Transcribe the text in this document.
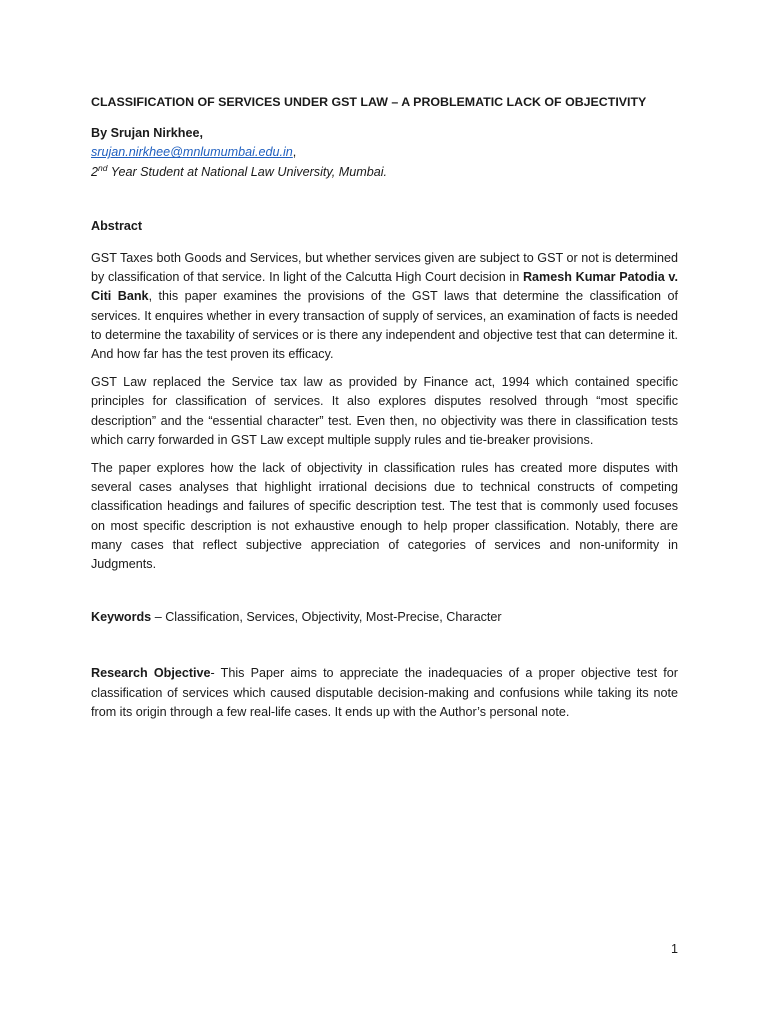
CLASSIFICATION OF SERVICES UNDER GST LAW – A PROBLEMATIC LACK OF OBJECTIVITY

By Srujan Nirkhee,

srujan.nirkhee@mnlumumbai.edu.in,

2nd Year Student at National Law University, Mumbai.

Abstract

GST Taxes both Goods and Services, but whether services given are subject to GST or not is determined by classification of that service. In light of the Calcutta High Court decision in Ramesh Kumar Patodia v. Citi Bank, this paper examines the provisions of the GST laws that determine the classification of services. It enquires whether in every transaction of supply of services, an examination of facts is needed to determine the taxability of services or is there any independent and objective test that can determine it. And how far has the test proven its efficacy.

GST Law replaced the Service tax law as provided by Finance act, 1994 which contained specific principles for classification of services. It also explores disputes resolved through “most specific description” and the “essential character” test. Even then, no objectivity was there in classification tests which carry forwarded in GST Law except multiple supply rules and tie-breaker provisions.

The paper explores how the lack of objectivity in classification rules has created more disputes with several cases analyses that highlight irrational decisions due to technical constructs of competing classification headings and failures of specific description test. The test that is commonly used focuses on most specific description is not exhaustive enough to help proper classification. Notably, there are many cases that reflect subjective appreciation of categories of services and non-uniformity in Judgments.

Keywords – Classification, Services, Objectivity, Most-Precise, Character

Research Objective- This Paper aims to appreciate the inadequacies of a proper objective test for classification of services which caused disputable decision-making and confusions while taking its note from its origin through a few real-life cases. It ends up with the Author’s personal note.

1
